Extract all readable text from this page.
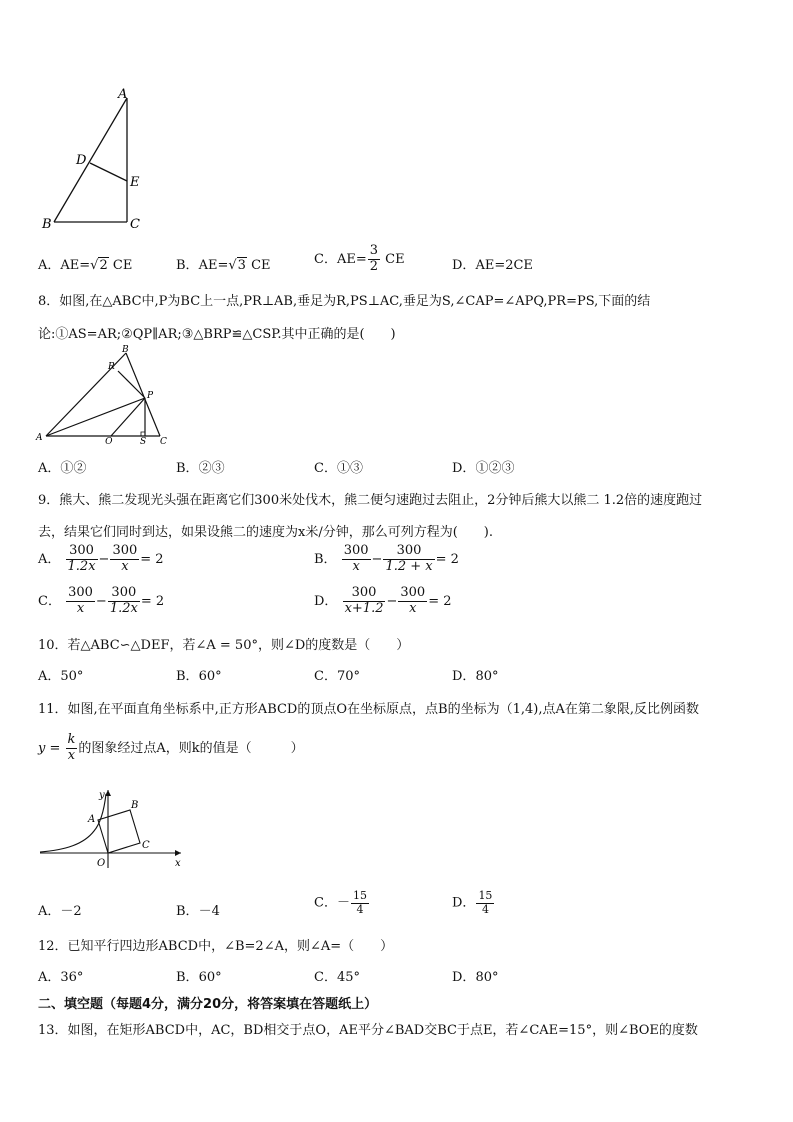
A
D
E
B	C
A．AE=√2 CE	B．AE=√3 CE	C．$AE= \frac{3}{2}$ CE	D．AE=2CE
8．如图,在△ABC中,P为BC上一点,PR⊥AB,垂足为R,PS⊥AC,垂足为S,∠CAP=∠APQ,PR=PS,下面的结
论:①AS=AR;②QP∥AR;③△BRP≌△CSP.其中正确的是(　　)
B
R
P
A	Q	S C
A．①②	B．②③	C．①③	D．①②③
9．熊大、熊二发现光头强在距离它们300米处伐木，熊二便匀速跑过去阻止，2分钟后熊大以熊二 1.2倍的速度跑过
去，结果它们同时到达，如果设熊二的速度为x米/分钟，那么可列方程为(　　).
A． $\frac{300}{1.2x} - \frac{300}{x} = 2$	B． $\frac{300}{x} - \frac{300}{1.2 + x} = 2$
C． $\frac{300}{x} - \frac{300}{1.2x} = 2$	D． $\frac{300}{x+1.2} - \frac{300}{x} = 2$
10．若△ABC∽△DEF，若∠A = 50°，则∠D的度数是（　　）
A．50°	B．60°	C．70°	D．80°
11．如图,在平面直角坐标系中,正方形ABCD的顶点O在坐标原点，点B的坐标为（1,4),点A在第二象限,反比例函数
$y = \frac{k}{x}$ 的图象经过点A，则k的值是（　　　）
y
x
A
B
C
O
A．－2	B．－4
C．－ $\frac{15}{4}$	D． $\frac{15}{4}$
12．已知平行四边形ABCD中，∠B=2∠A，则∠A=（　　）
A．36°	B．60°	C．45°	D．80°
二、填空题（每题4分，满分20分，将答案填在答题纸上）
13．如图，在矩形ABCD中，AC，BD相交于点O，AE平分∠BAD交BC于点E，若∠CAE=15°，则∠BOE的度数
